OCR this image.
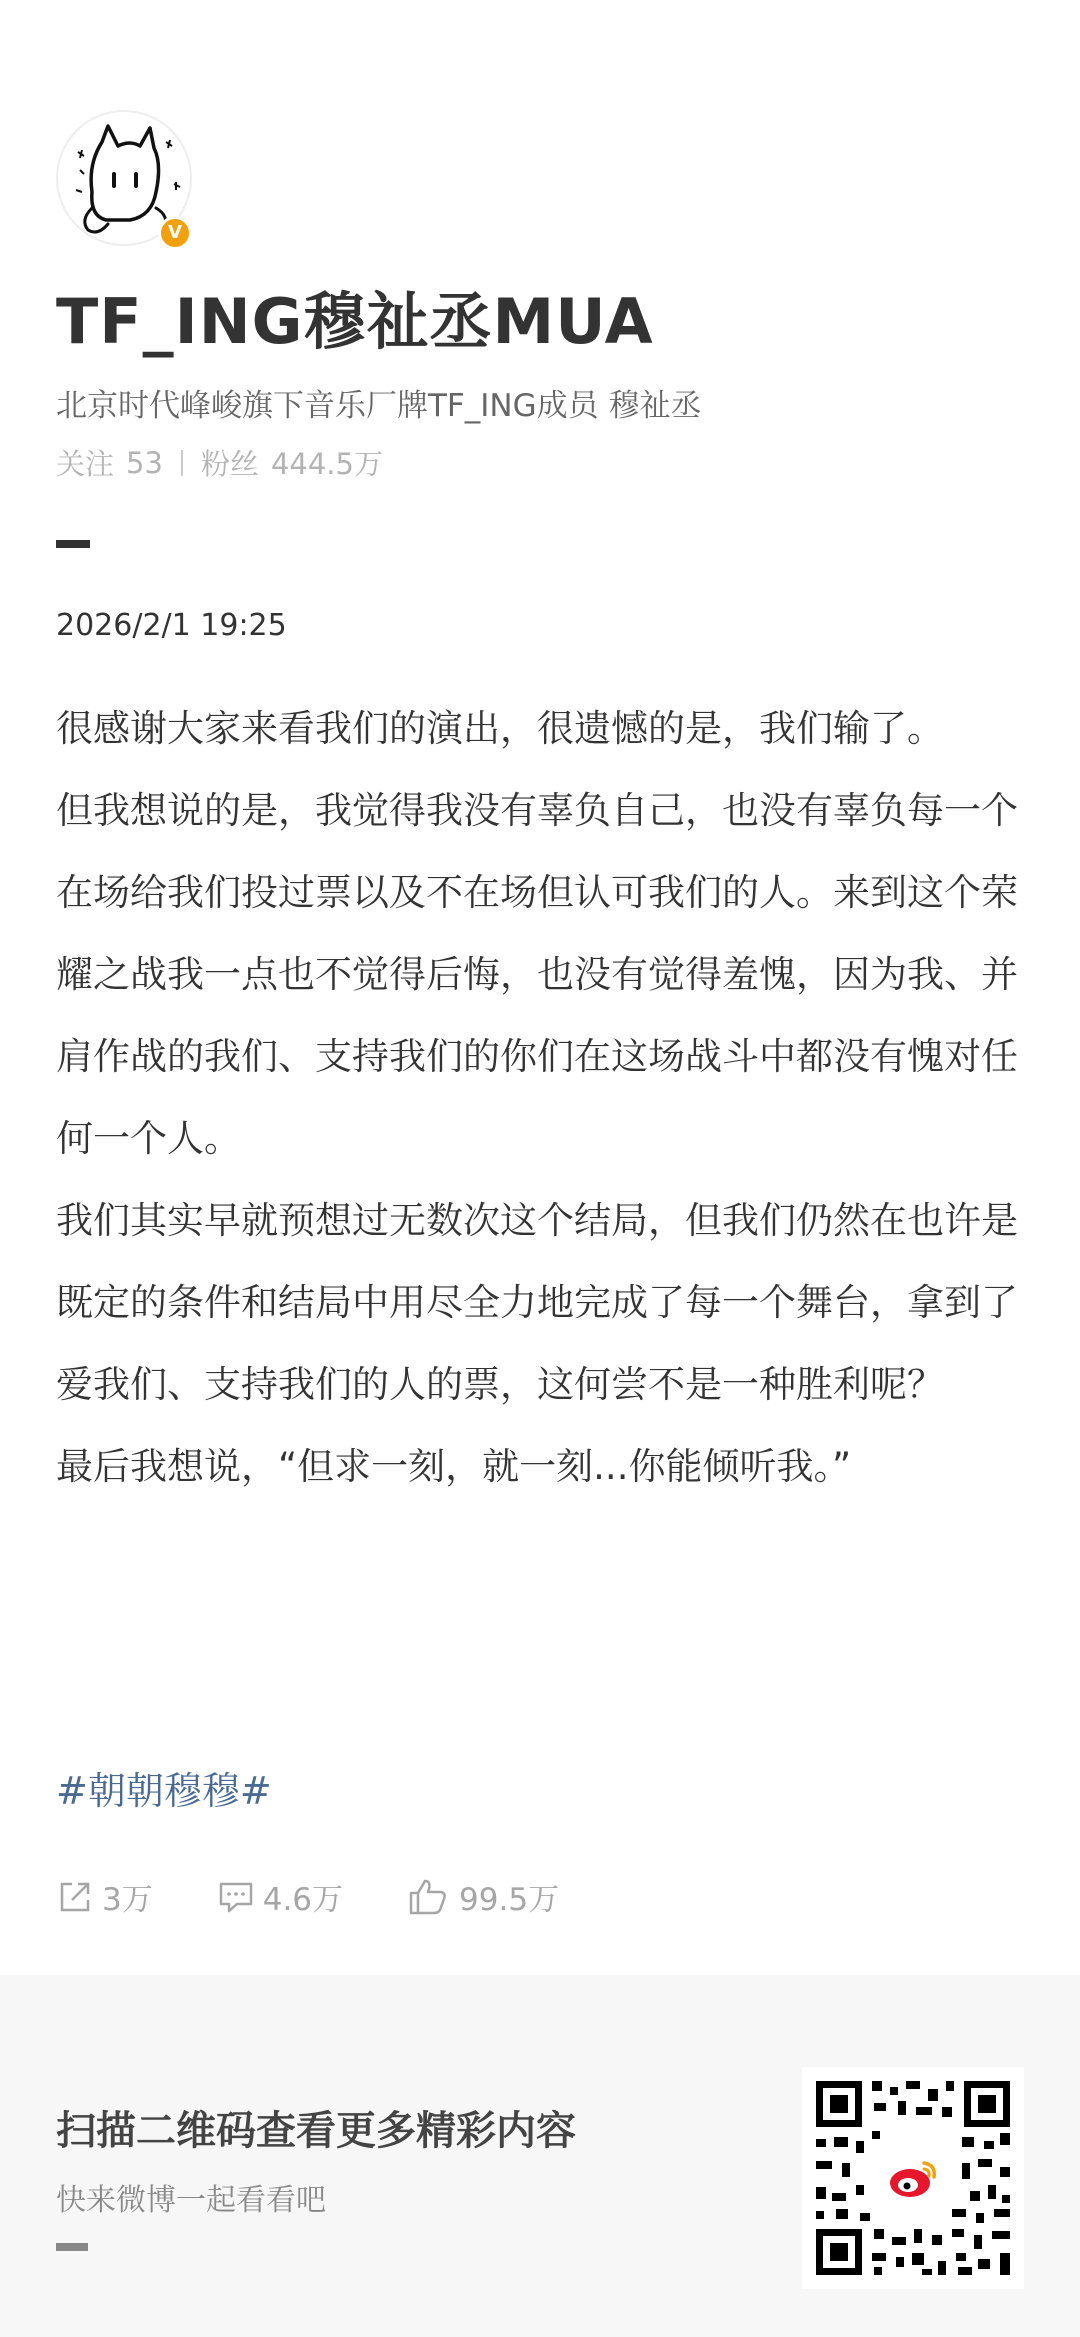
V
TF_ING穆祉丞MUA
北京时代峰峻旗下音乐厂牌TF_ING成员 穆祉丞
关注 53 粉丝 444.5万
2026/2/1 19:25

很感谢大家来看我们的演出，很遗憾的是，我们输了。

但我想说的是，我觉得我没有辜负自己，也没有辜负每一个在场给我们投过票以及不在场但认可我们的人。来到这个荣耀之战我一点也不觉得后悔，也没有觉得羞愧，因为我、并肩作战的我们、支持我们的你们在这场战斗中都没有愧对任何一个人。

我们其实早就预想过无数次这个结局，但我们仍然在也许是既定的条件和结局中用尽全力地完成了每一个舞台，拿到了爱我们、支持我们的人的票，这何尝不是一种胜利呢？

最后我想说，“但求一刻，就一刻...你能倾听我。”

#朝朝穆穆#
3万	4.6万	99.5万
扫描二维码查看更多精彩内容
快来微博一起看看吧
